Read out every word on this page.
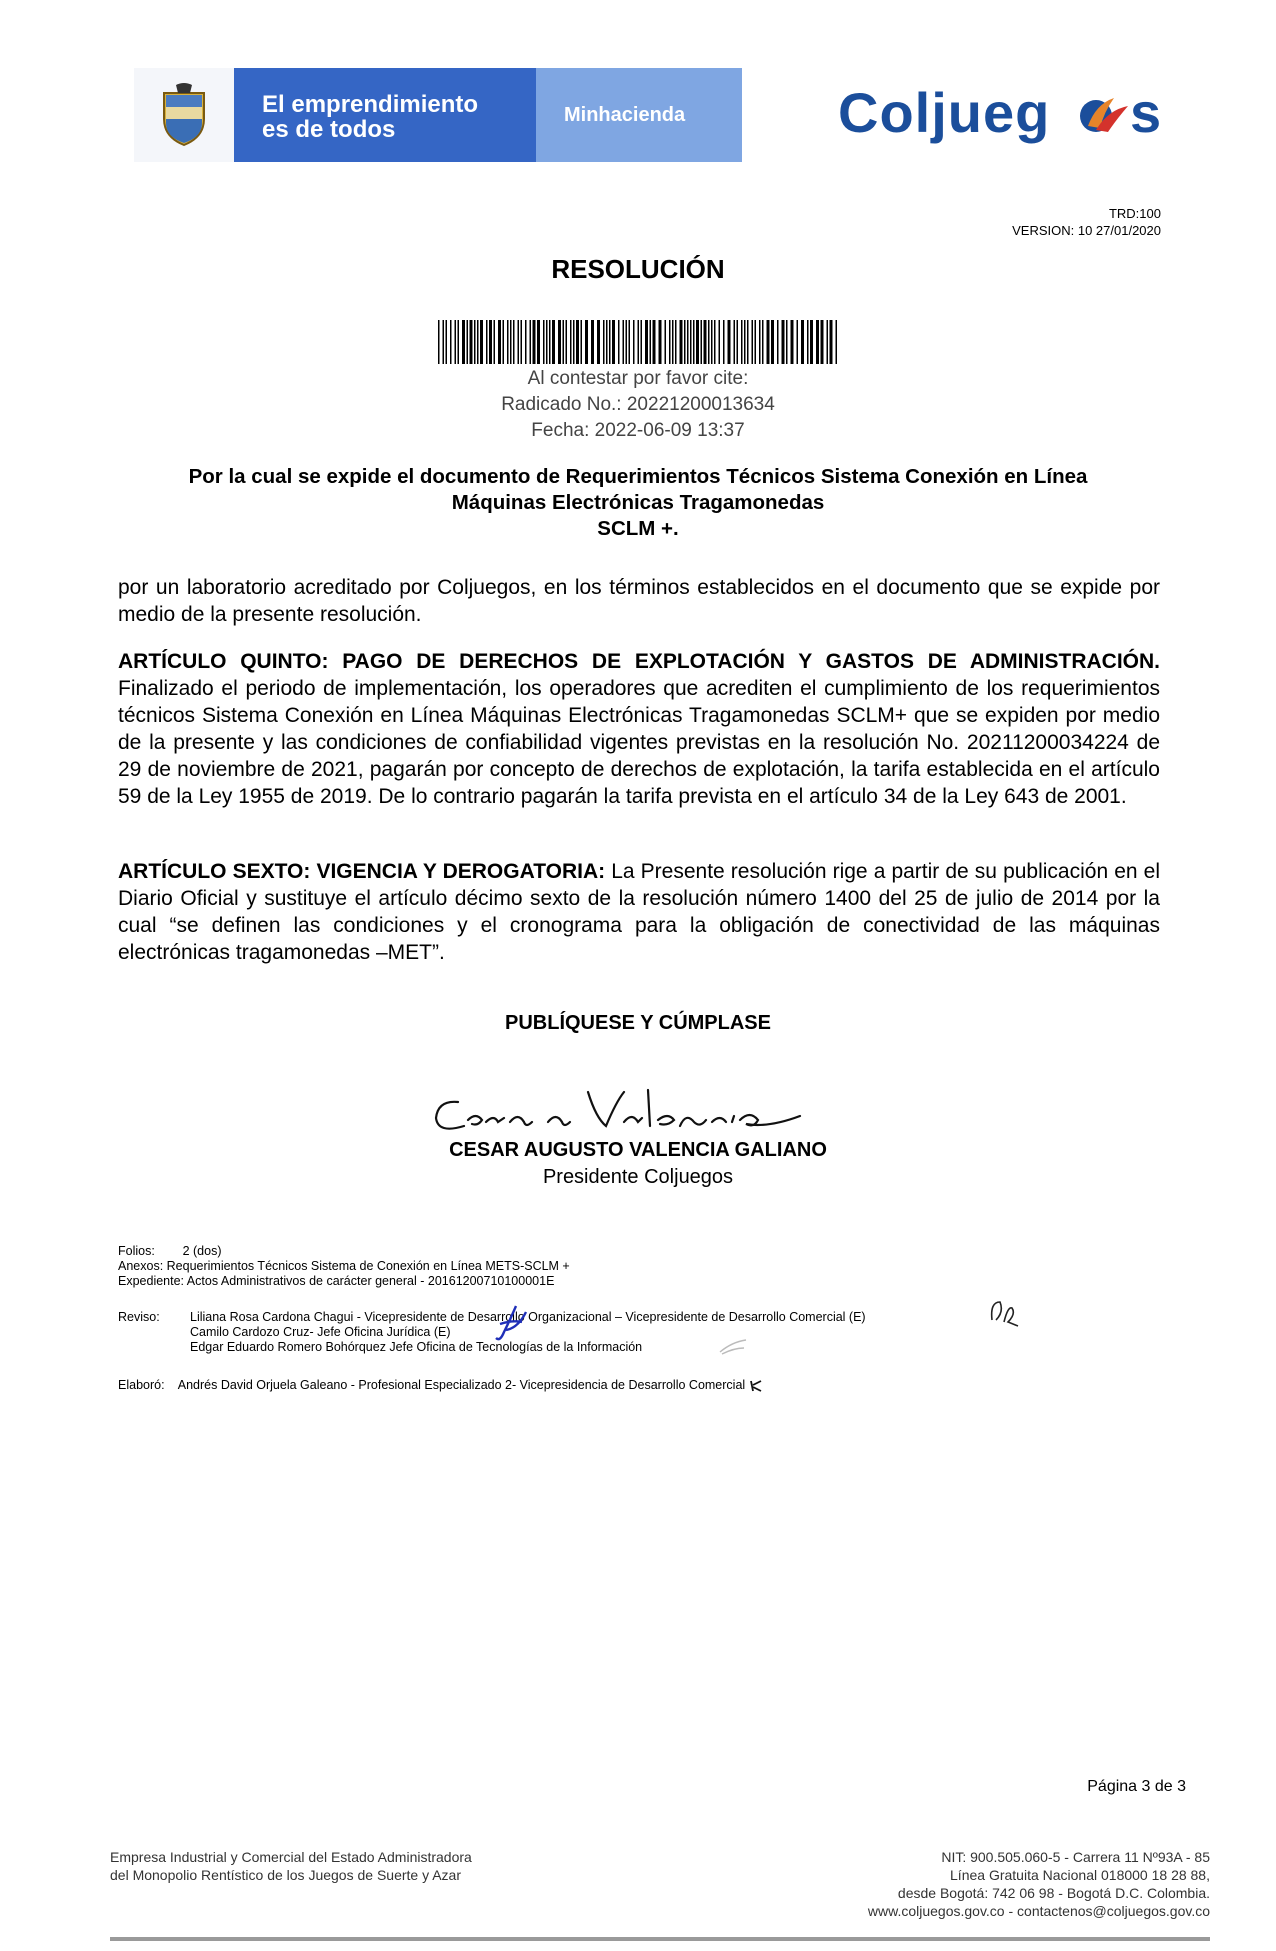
El emprendimiento
es de todos
Minhacienda	Coljueg s
TRD:100
VERSION: 10 27/01/2020
RESOLUCIÓN
Al contestar por favor cite:
Radicado No.: 20221200013634
Fecha: 2022-06-09 13:37
Por la cual se expide el documento de Requerimientos Técnicos Sistema Conexión en Línea
Máquinas Electrónicas Tragamonedas
SCLM +.
por un laboratorio acreditado por Coljuegos, en los términos establecidos en el documento que se expide por medio de la presente resolución.
ARTÍCULO QUINTO: PAGO DE DERECHOS DE EXPLOTACIÓN Y GASTOS DE ADMINISTRACIÓN. Finalizado el periodo de implementación, los operadores que acrediten el cumplimiento de los requerimientos técnicos Sistema Conexión en Línea Máquinas Electrónicas Tragamonedas SCLM+ que se expiden por medio de la presente y las condiciones de confiabilidad vigentes previstas en la resolución No. 20211200034224 de 29 de noviembre de 2021, pagarán por concepto de derechos de explotación, la tarifa establecida en el artículo 59 de la Ley 1955 de 2019. De lo contrario pagarán la tarifa prevista en el artículo 34 de la Ley 643 de 2001.
ARTÍCULO SEXTO: VIGENCIA Y DEROGATORIA: La Presente resolución rige a partir de su publicación en el Diario Oficial y sustituye el artículo décimo sexto de la resolución número 1400 del 25 de julio de 2014 por la cual “se definen las condiciones y el cronograma para la obligación de conectividad de las máquinas electrónicas tragamonedas –MET”.
PUBLÍQUESE Y CÚMPLASE
CESAR AUGUSTO VALENCIA GALIANO
Presidente Coljuegos
Folios:        2 (dos)
Anexos: Requerimientos Técnicos Sistema de Conexión en Línea METS-SCLM +
Expediente: Actos Administrativos de carácter general - 20161200710100001E
Reviso: Liliana Rosa Cardona Chagui - Vicepresidente de Desarrollo Organizacional – Vicepresidente de Desarrollo Comercial (E)
Camilo Cardozo Cruz- Jefe Oficina Jurídica (E)
Edgar Eduardo Romero Bohórquez Jefe Oficina de Tecnologías de la Información
Elaboró:    Andrés David Orjuela Galeano - Profesional Especializado 2- Vicepresidencia de Desarrollo Comercial
Página 3 de 3
Empresa Industrial y Comercial del Estado Administradora
del Monopolio Rentístico de los Juegos de Suerte y Azar
NIT: 900.505.060-5 - Carrera 11 Nº93A - 85
Línea Gratuita Nacional 018000 18 28 88,
desde Bogotá: 742 06 98 - Bogotá D.C. Colombia.
www.coljuegos.gov.co - contactenos@coljuegos.gov.co
